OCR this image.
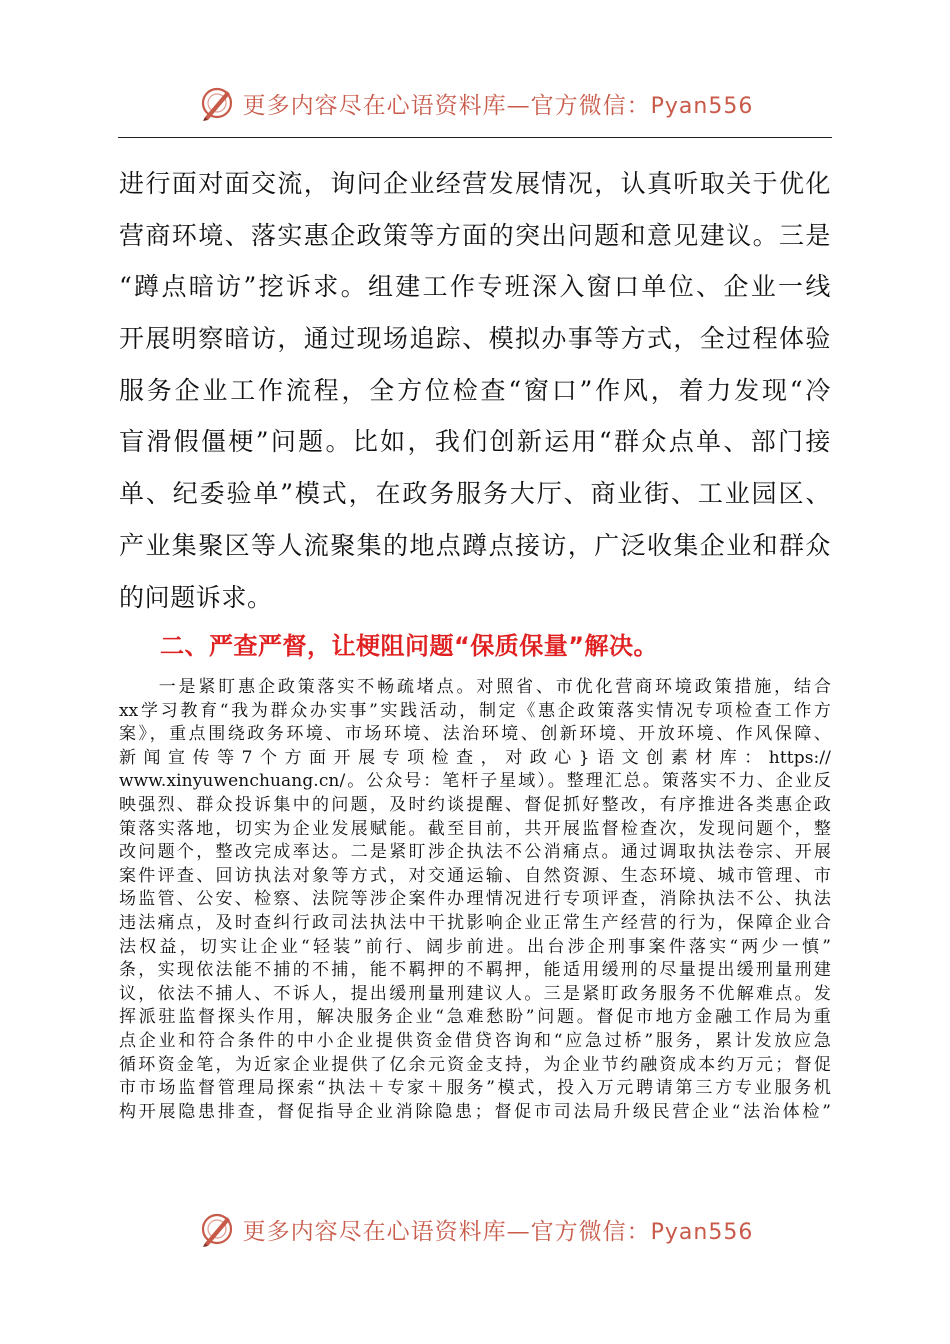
更多内容尽在心语资料库—官方微信：Pyan556
进行面对面交流，询问企业经营发展情况，认真听取关于优化
营商环境、落实惠企政策等方面的突出问题和意见建议。三是
“蹲点暗访”挖诉求。组建工作专班深入窗口单位、企业一线
开展明察暗访，通过现场追踪、模拟办事等方式，全过程体验
服务企业工作流程，全方位检查“窗口”作风，着力发现“冷
盲滑假僵梗”问题。比如，我们创新运用“群众点单、部门接
单、纪委验单”模式，在政务服务大厅、商业街、工业园区、
产业集聚区等人流聚集的地点蹲点接访，广泛收集企业和群众
的问题诉求。
二、严查严督，让梗阻问题“保质保量”解决。
　　一是紧盯惠企政策落实不畅疏堵点。对照省、市优化营商环境政策措施，结合
xx学习教育“我为群众办实事”实践活动，制定《惠企政策落实情况专项检查工作方
案》，重点围绕政务环境、市场环境、法治环境、创新环境、开放环境、作风保障、
新闻宣传等7个方面开展专项检查，对政心}语文创素材库：https://
www.xinyuwenchuang.cn/。公众号：笔杆子星域）。整理汇总。策落实不力、企业反
映强烈、群众投诉集中的问题，及时约谈提醒、督促抓好整改，有序推进各类惠企政
策落实落地，切实为企业发展赋能。截至目前，共开展监督检查次，发现问题个，整
改问题个，整改完成率达。二是紧盯涉企执法不公消痛点。通过调取执法卷宗、开展
案件评查、回访执法对象等方式，对交通运输、自然资源、生态环境、城市管理、市
场监管、公安、检察、法院等涉企案件办理情况进行专项评查，消除执法不公、执法
违法痛点，及时查纠行政司法执法中干扰影响企业正常生产经营的行为，保障企业合
法权益，切实让企业“轻装”前行、阔步前进。出台涉企刑事案件落实“两少一慎”
条，实现依法能不捕的不捕，能不羁押的不羁押，能适用缓刑的尽量提出缓刑量刑建
议，依法不捕人、不诉人，提出缓刑量刑建议人。三是紧盯政务服务不优解难点。发
挥派驻监督探头作用，解决服务企业“急难愁盼”问题。督促市地方金融工作局为重
点企业和符合条件的中小企业提供资金借贷咨询和“应急过桥”服务，累计发放应急
循环资金笔，为近家企业提供了亿余元资金支持，为企业节约融资成本约万元；督促
市市场监督管理局探索“执法＋专家＋服务”模式，投入万元聘请第三方专业服务机
构开展隐患排查，督促指导企业消除隐患；督促市司法局升级民营企业“法治体检”
更多内容尽在心语资料库—官方微信：Pyan556
